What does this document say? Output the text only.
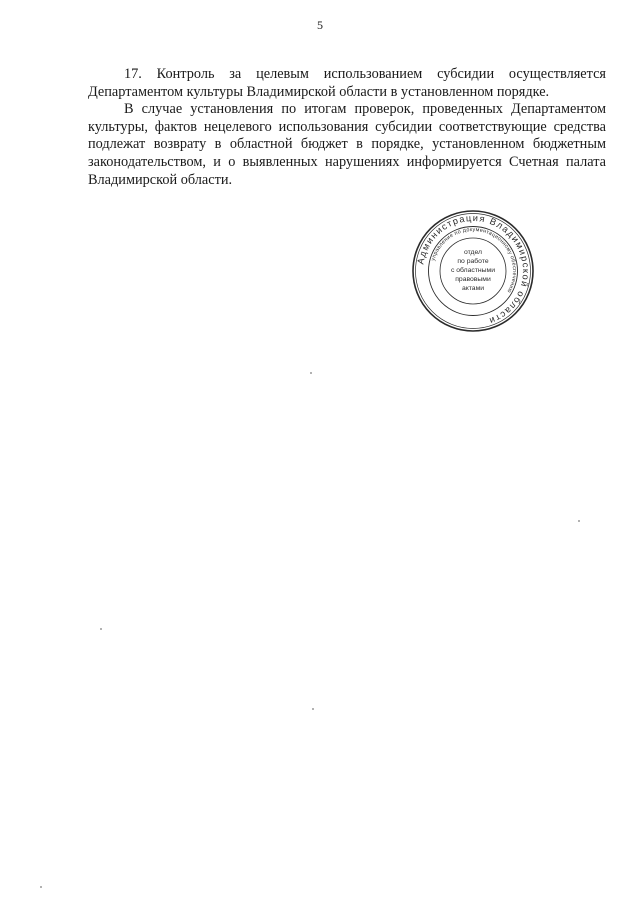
5

17. Контроль за целевым использованием субсидии осуществляется Департаментом культуры Владимирской области в установленном порядке.

В случае установления по итогам проверок, проведенных Департаментом культуры, фактов нецелевого использования субсидии соответствующие средства подлежат возврату в областной бюджет в порядке, установленном бюджетным законодательством, и о выявленных нарушениях информируется Счетная палата Владимирской области.

Администрация Владимирской области
управление по документационному обеспечению
отдел
по работе
с областными
правовыми
актами
